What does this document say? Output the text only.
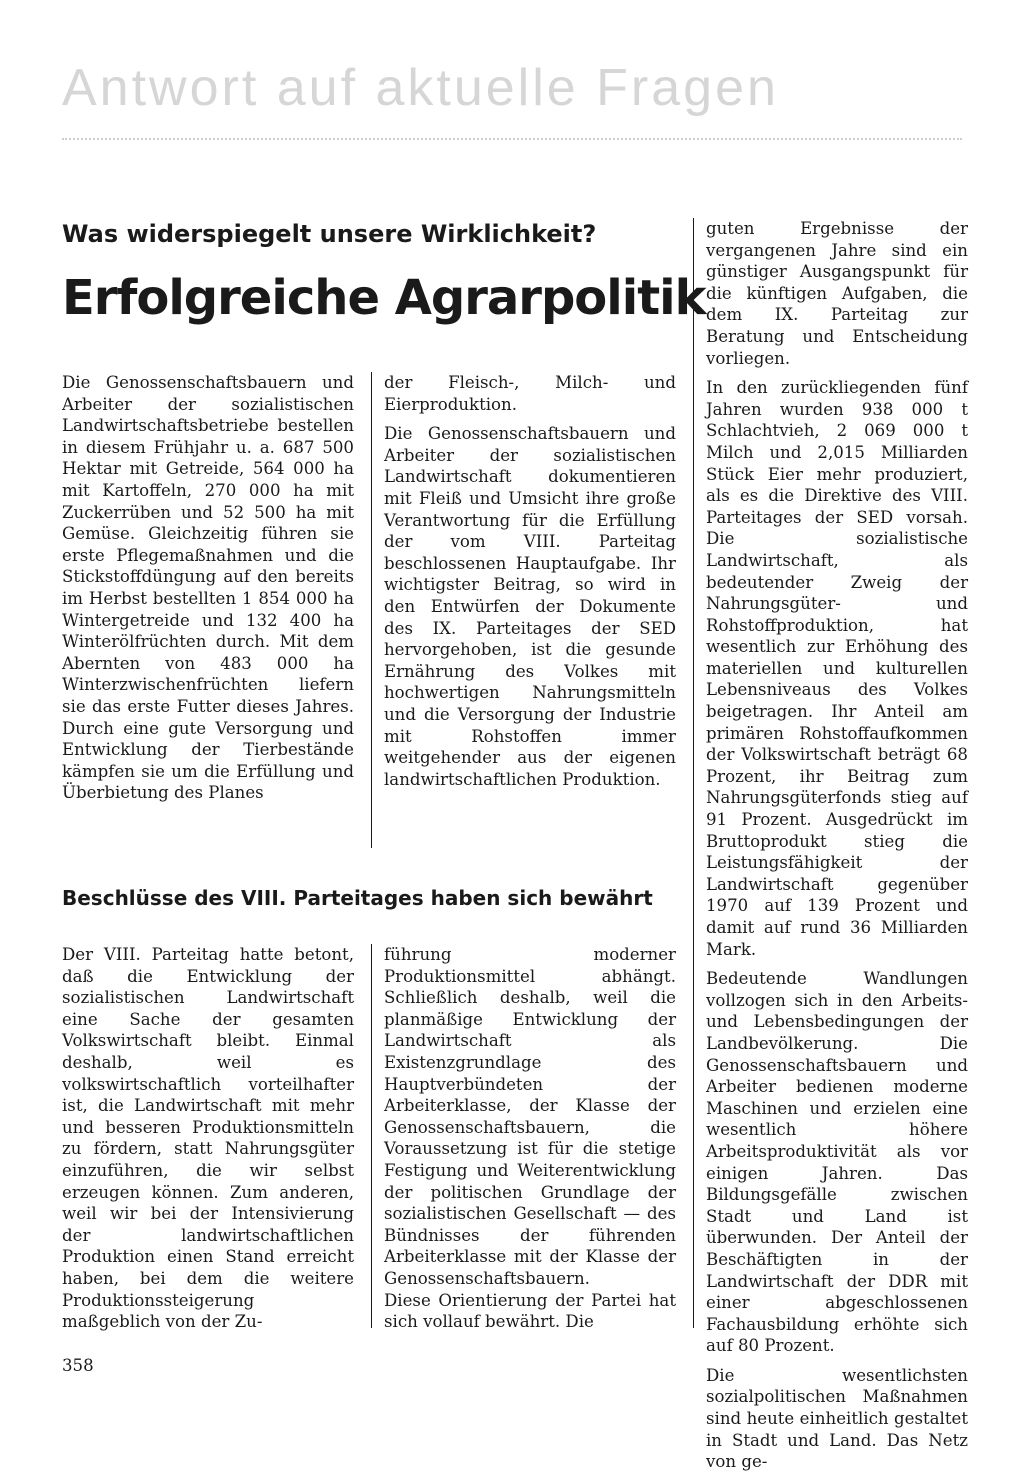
Antwort auf aktuelle Fragen
Was widerspiegelt unsere Wirklichkeit?
Erfolgreiche Agrarpolitik

Die Genossenschaftsbauern und Arbeiter der sozialistischen Landwirtschaftsbetriebe bestellen in diesem Frühjahr u. a. 687 500 Hektar mit Getreide, 564 000 ha mit Kartoffeln, 270 000 ha mit Zuckerrüben und 52 500 ha mit Gemüse. Gleichzeitig führen sie erste Pflegemaßnahmen und die Stickstoffdüngung auf den bereits im Herbst bestellten 1 854 000 ha Wintergetreide und 132 400 ha Winterölfrüchten durch. Mit dem Abernten von 483 000 ha Winterzwischenfrüchten liefern sie das erste Futter dieses Jahres. Durch eine gute Versorgung und Entwicklung der Tierbestände kämpfen sie um die Erfüllung und Überbietung des Planes

der Fleisch-, Milch- und Eierproduktion.

Die Genossenschaftsbauern und Arbeiter der sozialistischen Landwirtschaft dokumentieren mit Fleiß und Umsicht ihre große Verantwortung für die Erfüllung der vom VIII. Parteitag beschlossenen Hauptaufgabe. Ihr wichtigster Beitrag, so wird in den Entwürfen der Dokumente des IX. Parteitages der SED hervorgehoben, ist die gesunde Ernährung des Volkes mit hochwertigen Nahrungsmitteln und die Versorgung der Industrie mit Rohstoffen immer weitgehender aus der eigenen landwirtschaftlichen Produktion.

Beschlüsse des VIII. Parteitages haben sich bewährt

Der VIII. Parteitag hatte betont, daß die Entwicklung der sozialistischen Landwirtschaft eine Sache der gesamten Volkswirtschaft bleibt. Einmal deshalb, weil es volkswirtschaftlich vorteilhafter ist, die Landwirtschaft mit mehr und besseren Produktionsmitteln zu fördern, statt Nahrungsgüter einzuführen, die wir selbst erzeugen können. Zum anderen, weil wir bei der Intensivierung der landwirtschaftlichen Produktion einen Stand erreicht haben, bei dem die weitere Produktionssteigerung maßgeblich von der Zu-

führung moderner Produktionsmittel abhängt. Schließlich deshalb, weil die planmäßige Entwicklung der Landwirtschaft als Existenzgrundlage des Hauptverbündeten der Arbeiterklasse, der Klasse der Genossenschaftsbauern, die Voraussetzung ist für die stetige Festigung und Weiterentwicklung der politischen Grundlage der sozialistischen Gesellschaft — des Bündnisses der führenden Arbeiterklasse mit der Klasse der Genossenschaftsbauern.

Diese Orientierung der Partei hat sich vollauf bewährt. Die

guten Ergebnisse der vergangenen Jahre sind ein günstiger Ausgangspunkt für die künftigen Aufgaben, die dem IX. Parteitag zur Beratung und Entscheidung vorliegen.

In den zurückliegenden fünf Jahren wurden 938 000 t Schlachtvieh, 2 069 000 t Milch und 2,015 Milliarden Stück Eier mehr produziert, als es die Direktive des VIII. Parteitages der SED vorsah. Die sozialistische Landwirtschaft, als bedeutender Zweig der Nahrungsgüter- und Rohstoffproduktion, hat wesentlich zur Erhöhung des materiellen und kulturellen Lebensniveaus des Volkes beigetragen. Ihr Anteil am primären Rohstoffaufkommen der Volkswirtschaft beträgt 68 Prozent, ihr Beitrag zum Nahrungsgüterfonds stieg auf 91 Prozent. Ausgedrückt im Bruttoprodukt stieg die Leistungsfähigkeit der Landwirtschaft gegenüber 1970 auf 139 Prozent und damit auf rund 36 Milliarden Mark.

Bedeutende Wandlungen vollzogen sich in den Arbeits- und Lebensbedingungen der Landbevölkerung. Die Genossenschaftsbauern und Arbeiter bedienen moderne Maschinen und erzielen eine wesentlich höhere Arbeitsproduktivität als vor einigen Jahren. Das Bildungsgefälle zwischen Stadt und Land ist überwunden. Der Anteil der Beschäftigten in der Landwirtschaft der DDR mit einer abgeschlossenen Fachausbildung erhöhte sich auf 80 Prozent.

Die wesentlichsten sozialpolitischen Maßnahmen sind heute einheitlich gestaltet in Stadt und Land. Das Netz von ge-

358
